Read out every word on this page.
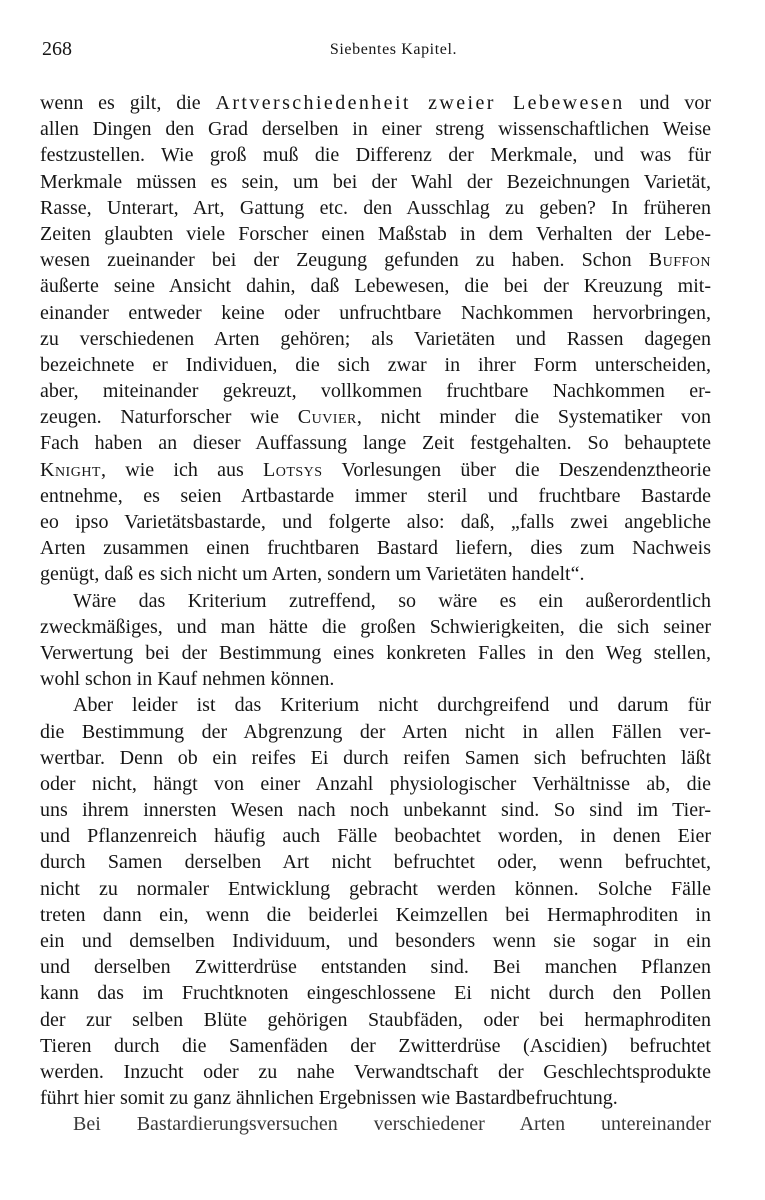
268	Siebentes Kapitel.
wenn es gilt, die Artverschiedenheit zweier Lebewesen und vor
allen Dingen den Grad derselben in einer streng wissenschaftlichen Weise
festzustellen. Wie groß muß die Differenz der Merkmale, und was für
Merkmale müssen es sein, um bei der Wahl der Bezeichnungen Varietät,
Rasse, Unterart, Art, Gattung etc. den Ausschlag zu geben? In früheren
Zeiten glaubten viele Forscher einen Maßstab in dem Verhalten der Lebe-
wesen zueinander bei der Zeugung gefunden zu haben. Schon Buffon
äußerte seine Ansicht dahin, daß Lebewesen, die bei der Kreuzung mit-
einander entweder keine oder unfruchtbare Nachkommen hervorbringen,
zu verschiedenen Arten gehören; als Varietäten und Rassen dagegen
bezeichnete er Individuen, die sich zwar in ihrer Form unterscheiden,
aber, miteinander gekreuzt, vollkommen fruchtbare Nachkommen er-
zeugen. Naturforscher wie Cuvier, nicht minder die Systematiker von
Fach haben an dieser Auffassung lange Zeit festgehalten. So behauptete
Knight, wie ich aus Lotsys Vorlesungen über die Deszendenztheorie
entnehme, es seien Artbastarde immer steril und fruchtbare Bastarde
eo ipso Varietätsbastarde, und folgerte also: daß, „falls zwei angebliche
Arten zusammen einen fruchtbaren Bastard liefern, dies zum Nachweis
genügt, daß es sich nicht um Arten, sondern um Varietäten handelt“.
Wäre das Kriterium zutreffend, so wäre es ein außerordentlich
zweckmäßiges, und man hätte die großen Schwierigkeiten, die sich seiner
Verwertung bei der Bestimmung eines konkreten Falles in den Weg stellen,
wohl schon in Kauf nehmen können.
Aber leider ist das Kriterium nicht durchgreifend und darum für
die Bestimmung der Abgrenzung der Arten nicht in allen Fällen ver-
wertbar. Denn ob ein reifes Ei durch reifen Samen sich befruchten läßt
oder nicht, hängt von einer Anzahl physiologischer Verhältnisse ab, die
uns ihrem innersten Wesen nach noch unbekannt sind. So sind im Tier-
und Pflanzenreich häufig auch Fälle beobachtet worden, in denen Eier
durch Samen derselben Art nicht befruchtet oder, wenn befruchtet,
nicht zu normaler Entwicklung gebracht werden können. Solche Fälle
treten dann ein, wenn die beiderlei Keimzellen bei Hermaphroditen in
ein und demselben Individuum, und besonders wenn sie sogar in ein
und derselben Zwitterdrüse entstanden sind. Bei manchen Pflanzen
kann das im Fruchtknoten eingeschlossene Ei nicht durch den Pollen
der zur selben Blüte gehörigen Staubfäden, oder bei hermaphroditen
Tieren durch die Samenfäden der Zwitterdrüse (Ascidien) befruchtet
werden. Inzucht oder zu nahe Verwandtschaft der Geschlechtsprodukte
führt hier somit zu ganz ähnlichen Ergebnissen wie Bastardbefruchtung.
Bei Bastardierungsversuchen verschiedener Arten untereinander
